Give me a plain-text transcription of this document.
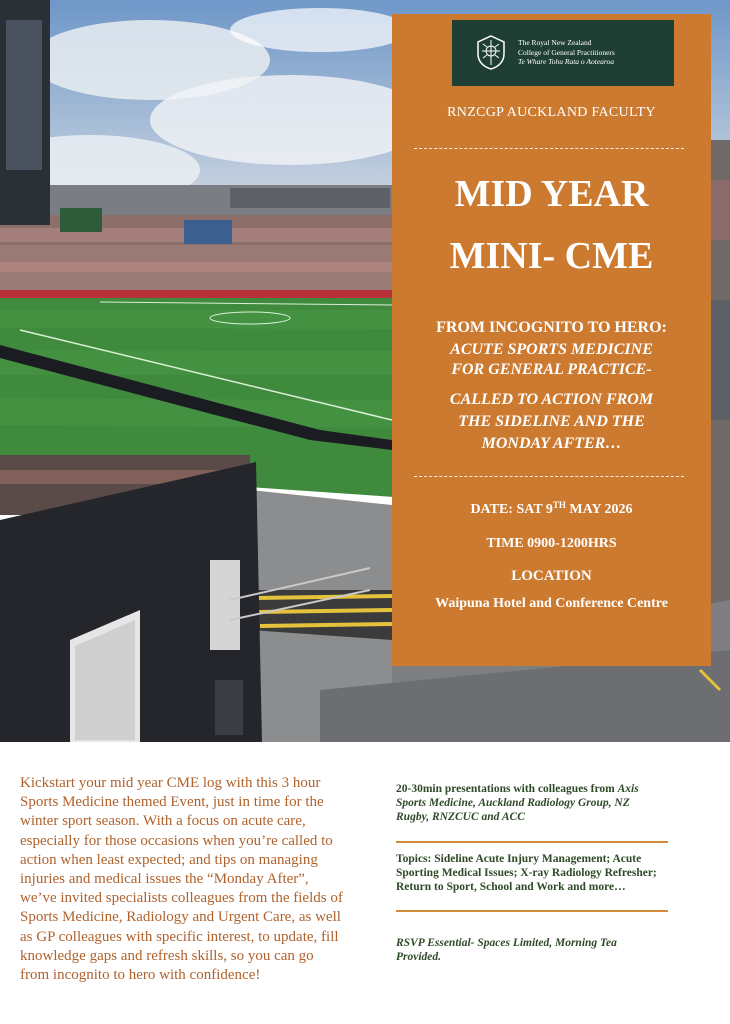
The Royal New Zealand
College of General Practitioners
Te Whare Tohu Rata o Aotearoa
RNZCGP AUCKLAND FACULTY
MID YEAR
MINI- CME
FROM INCOGNITO TO HERO:
ACUTE SPORTS MEDICINE
FOR GENERAL PRACTICE-
CALLED TO ACTION FROM
THE SIDELINE AND THE
MONDAY AFTER…
DATE: SAT 9TH MAY 2026
TIME 0900-1200HRS
LOCATION
Waipuna Hotel and Conference Centre
Kickstart your mid year CME log with this 3 hour
Sports Medicine themed Event, just in time for the
winter sport season. With a focus on acute care,
especially for those occasions when you’re called to
action when least expected; and tips on managing
injuries and medical issues the “Monday After”,
we’ve invited specialists colleagues from the fields of
Sports Medicine, Radiology and Urgent Care, as well
as GP colleagues with specific interest, to update, fill
knowledge gaps and refresh skills, so you can go
from incognito to hero with confidence!
20-30min presentations with colleagues from Axis
Sports Medicine, Auckland Radiology Group, NZ
Rugby, RNZCUC and ACC
Topics: Sideline Acute Injury Management; Acute
Sporting Medical Issues; X-ray Radiology Refresher;
Return to Sport, School and Work and more…
RSVP Essential- Spaces Limited, Morning Tea
Provided.
